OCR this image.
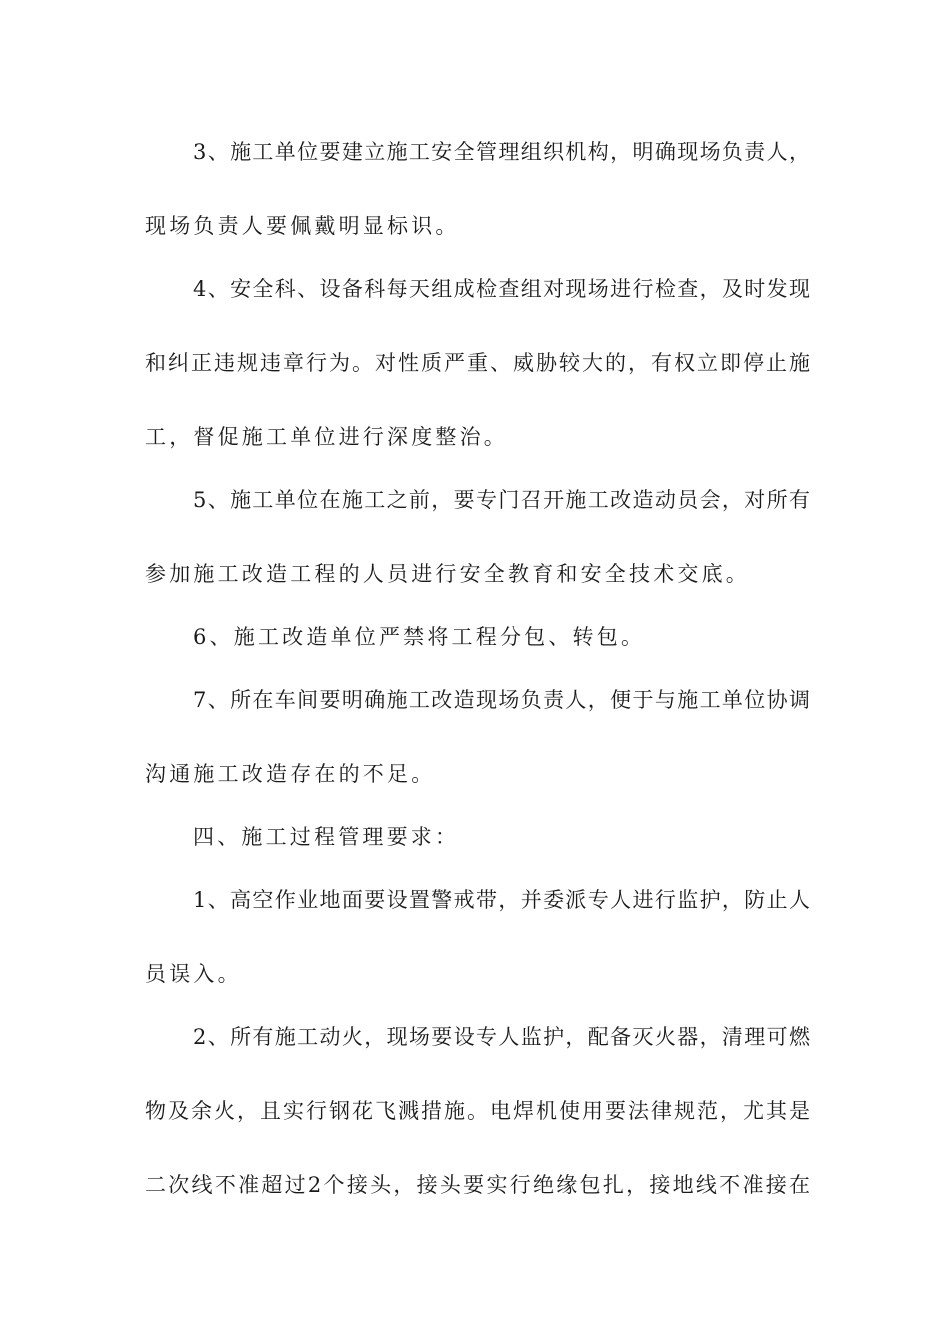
3、施工单位要建立施工安全管理组织机构，明确现场负责人，
现场负责人要佩戴明显标识。
4、安全科、设备科每天组成检查组对现场进行检查，及时发现
和纠正违规违章行为。对性质严重、威胁较大的，有权立即停止施
工，督促施工单位进行深度整治。
5、施工单位在施工之前，要专门召开施工改造动员会，对所有
参加施工改造工程的人员进行安全教育和安全技术交底。
6、施工改造单位严禁将工程分包、转包。
7、所在车间要明确施工改造现场负责人，便于与施工单位协调
沟通施工改造存在的不足。
四、施工过程管理要求：
1、高空作业地面要设置警戒带，并委派专人进行监护，防止人
员误入。
2、所有施工动火，现场要设专人监护，配备灭火器，清理可燃
物及余火，且实行钢花飞溅措施。电焊机使用要法律规范，尤其是
二次线不准超过2个接头，接头要实行绝缘包扎，接地线不准接在
